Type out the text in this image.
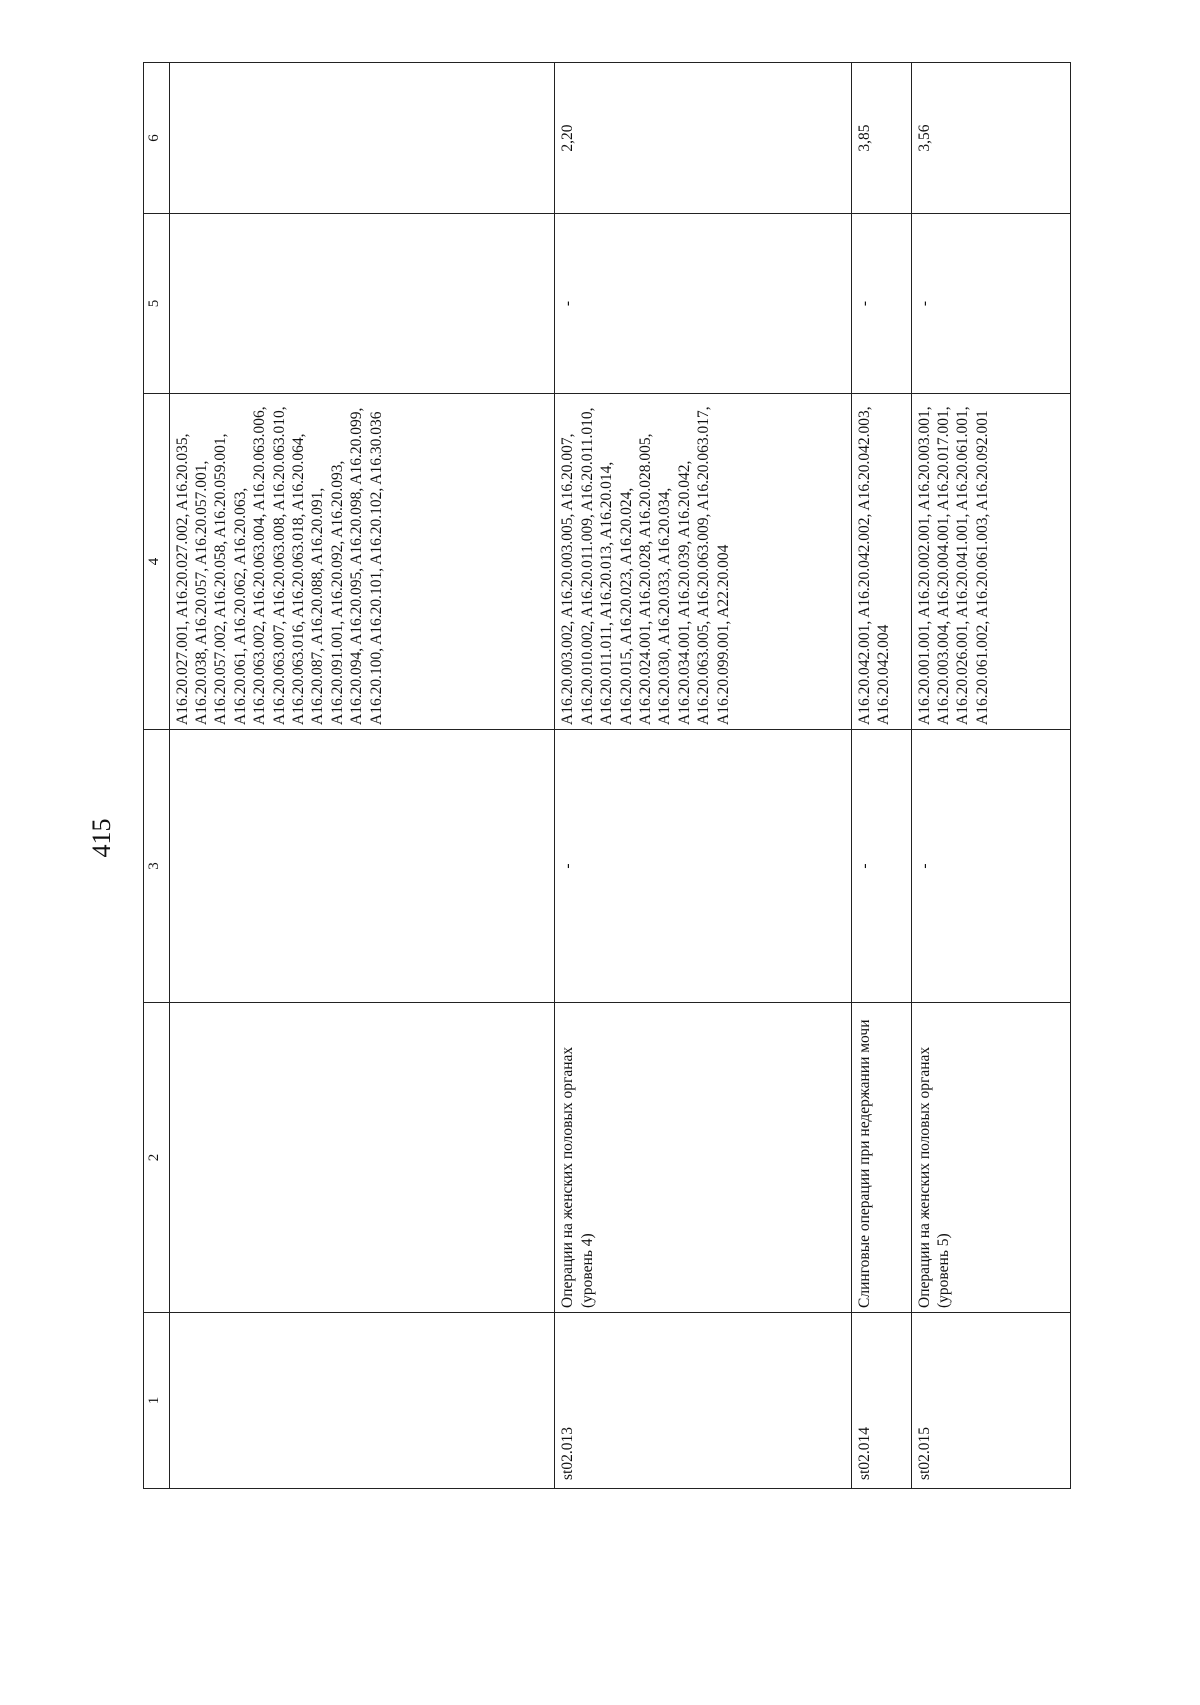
415
1	2	3	4	5	6
			A16.20.027.001, A16.20.027.002, A16.20.035, A16.20.038, A16.20.057, A16.20.057.001, A16.20.057.002, A16.20.058, A16.20.059.001, A16.20.061, A16.20.062, A16.20.063, A16.20.063.002, A16.20.063.004, A16.20.063.006, A16.20.063.007, A16.20.063.008, A16.20.063.010, A16.20.063.016, A16.20.063.018, A16.20.064, A16.20.087, A16.20.088, A16.20.091, A16.20.091.001, A16.20.092, A16.20.093, A16.20.094, A16.20.095, A16.20.098, A16.20.099, A16.20.100, A16.20.101, A16.20.102, A16.30.036		
st02.013	Операции на женских половых органах (уровень 4)	-	A16.20.003.002, A16.20.003.005, A16.20.007, A16.20.010.002, A16.20.011.009, A16.20.011.010, A16.20.011.011, A16.20.013, A16.20.014, A16.20.015, A16.20.023, A16.20.024, A16.20.024.001, A16.20.028, A16.20.028.005, A16.20.030, A16.20.033, A16.20.034, A16.20.034.001, A16.20.039, A16.20.042, A16.20.063.005, A16.20.063.009, A16.20.063.017, A16.20.099.001, A22.20.004	-	2,20
st02.014	Слинговые операции при недержании мочи	-	A16.20.042.001, A16.20.042.002, A16.20.042.003, A16.20.042.004	-	3,85
st02.015	Операции на женских половых органах (уровень 5)	-	A16.20.001.001, A16.20.002.001, A16.20.003.001, A16.20.003.004, A16.20.004.001, A16.20.017.001, A16.20.026.001, A16.20.041.001, A16.20.061.001, A16.20.061.002, A16.20.061.003, A16.20.092.001	-	3,56
